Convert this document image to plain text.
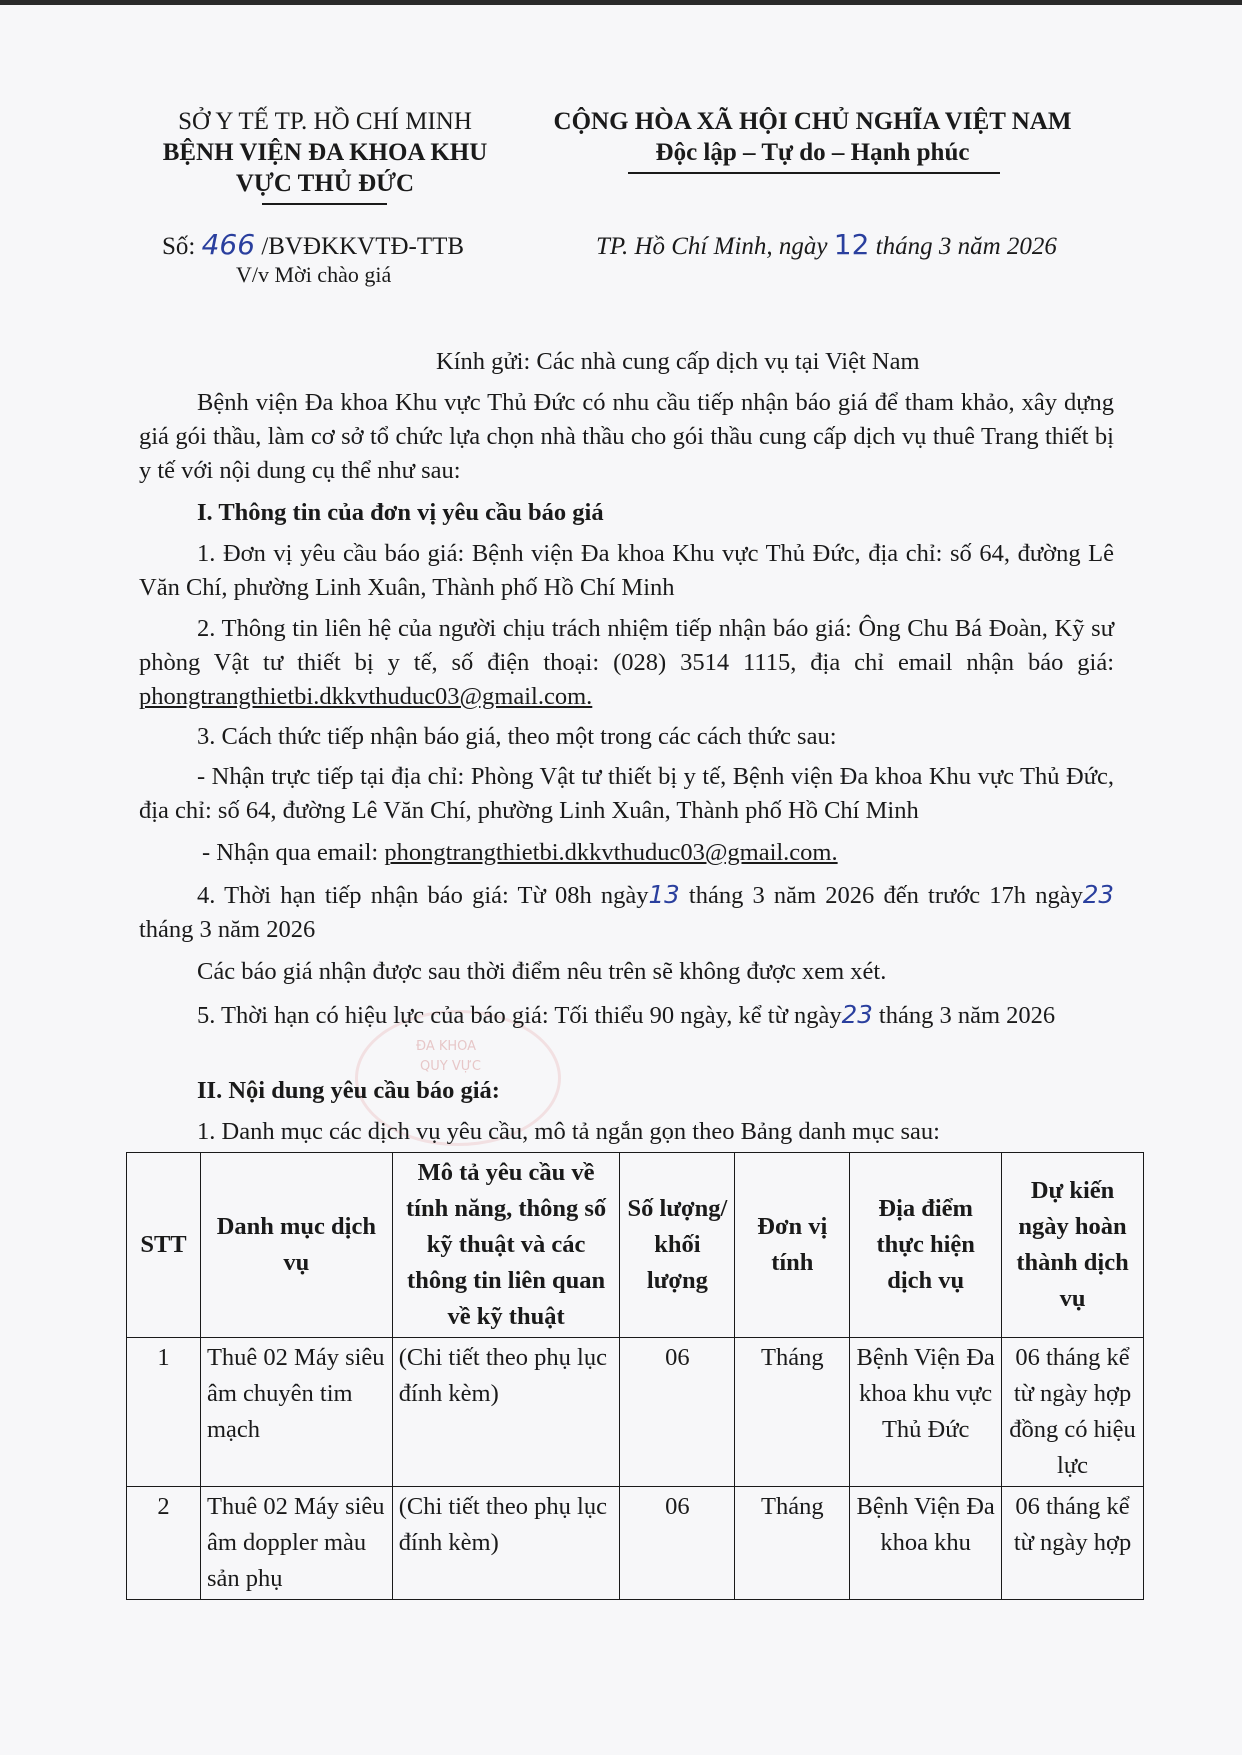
ĐA KHOA
QUY VỰC
SỞ Y TẾ TP. HỒ CHÍ MINH
BỆNH VIỆN ĐA KHOA KHU
VỰC THỦ ĐỨC
CỘNG HÒA XÃ HỘI CHỦ NGHĨA VIỆT NAM
Độc lập – Tự do – Hạnh phúc
Số: 466 /BVĐKKVTĐ-TTB
V/v Mời chào giá
TP. Hồ Chí Minh, ngày 12 tháng 3 năm 2026
Kính gửi: Các nhà cung cấp dịch vụ tại Việt Nam
Bệnh viện Đa khoa Khu vực Thủ Đức có nhu cầu tiếp nhận báo giá để tham khảo, xây dựng giá gói thầu, làm cơ sở tổ chức lựa chọn nhà thầu cho gói thầu cung cấp dịch vụ thuê Trang thiết bị y tế với nội dung cụ thể như sau:
I. Thông tin của đơn vị yêu cầu báo giá
1. Đơn vị yêu cầu báo giá: Bệnh viện Đa khoa Khu vực Thủ Đức, địa chỉ: số 64, đường Lê Văn Chí, phường Linh Xuân, Thành phố Hồ Chí Minh
2. Thông tin liên hệ của người chịu trách nhiệm tiếp nhận báo giá: Ông Chu Bá Đoàn, Kỹ sư phòng Vật tư thiết bị y tế, số điện thoại: (028) 3514 1115, địa chỉ email nhận báo giá: phongtrangthietbi.dkkvthuduc03@gmail.com.
3. Cách thức tiếp nhận báo giá, theo một trong các cách thức sau:
- Nhận trực tiếp tại địa chỉ: Phòng Vật tư thiết bị y tế, Bệnh viện Đa khoa Khu vực Thủ Đức, địa chỉ: số 64, đường Lê Văn Chí, phường Linh Xuân, Thành phố Hồ Chí Minh
- Nhận qua email: phongtrangthietbi.dkkvthuduc03@gmail.com.
4. Thời hạn tiếp nhận báo giá: Từ 08h ngày13 tháng 3 năm 2026 đến trước 17h ngày23 tháng 3 năm 2026
Các báo giá nhận được sau thời điểm nêu trên sẽ không được xem xét.
5. Thời hạn có hiệu lực của báo giá: Tối thiểu 90 ngày, kể từ ngày23 tháng 3 năm 2026
II. Nội dung yêu cầu báo giá:
1. Danh mục các dịch vụ yêu cầu, mô tả ngắn gọn theo Bảng danh mục sau:
STT	Danh mục dịch vụ	Mô tả yêu cầu về tính năng, thông số kỹ thuật và các thông tin liên quan về kỹ thuật	Số lượng/ khối lượng	Đơn vị tính	Địa điểm thực hiện dịch vụ	Dự kiến ngày hoàn thành dịch vụ
1	Thuê 02 Máy siêu âm chuyên tim mạch	(Chi tiết theo phụ lục đính kèm)	06	Tháng	Bệnh Viện Đa khoa khu vực Thủ Đức	06 tháng kể từ ngày hợp đồng có hiệu lực
2	Thuê 02 Máy siêu âm doppler màu sản phụ	(Chi tiết theo phụ lục đính kèm)	06	Tháng	Bệnh Viện Đa khoa khu	06 tháng kể từ ngày hợp
